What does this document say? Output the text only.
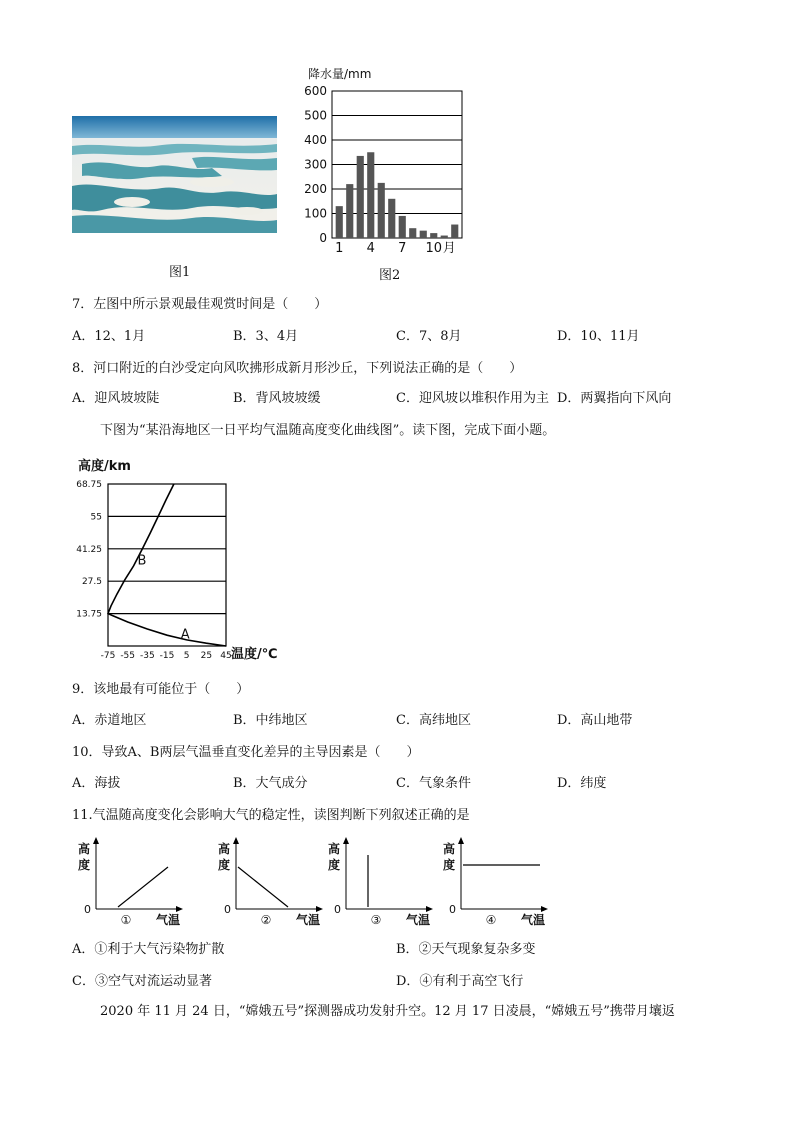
图1
降水量/mm
0
100
200
300
400
500
600
1 4 7 10 月
图2
7．左图中所示景观最佳观赏时间是（　　）
A．12、1月	B．3、4月	C．7、8月	D．10、11月
8．河口附近的白沙受定向风吹拂形成新月形沙丘，下列说法正确的是（　　）
A．迎风坡坡陡	B．背风坡坡缓	C．迎风坡以堆积作用为主 D．两翼指向下风向
下图为“某沿海地区一日平均气温随高度变化曲线图”。读下图，完成下面小题。
高度/km
68.75
55
41.25
27.5
13.75
-75 -55 -35 -15 5 25 45 温度/℃
A
B
9．该地最有可能位于（　　）
A．赤道地区	B．中纬地区	C．高纬地区	D．高山地带
10．导致A、B两层气温垂直变化差异的主导因素是（　　）
A．海拔	B．大气成分	C．气象条件	D．纬度
11.气温随高度变化会影响大气的稳定性，读图判断下列叙述正确的是
高
度
0
① 气温
高
度
0
② 气温
高
度
0
③ 气温
高
度
0
④ 气温
A．①利于大气污染物扩散	B．②天气现象复杂多变
C．③空气对流运动显著	D．④有利于高空飞行
2020 年 11 月 24 日，“嫦娥五号”探测器成功发射升空。12 月 17 日凌晨，“嫦娥五号”携带月壤返
